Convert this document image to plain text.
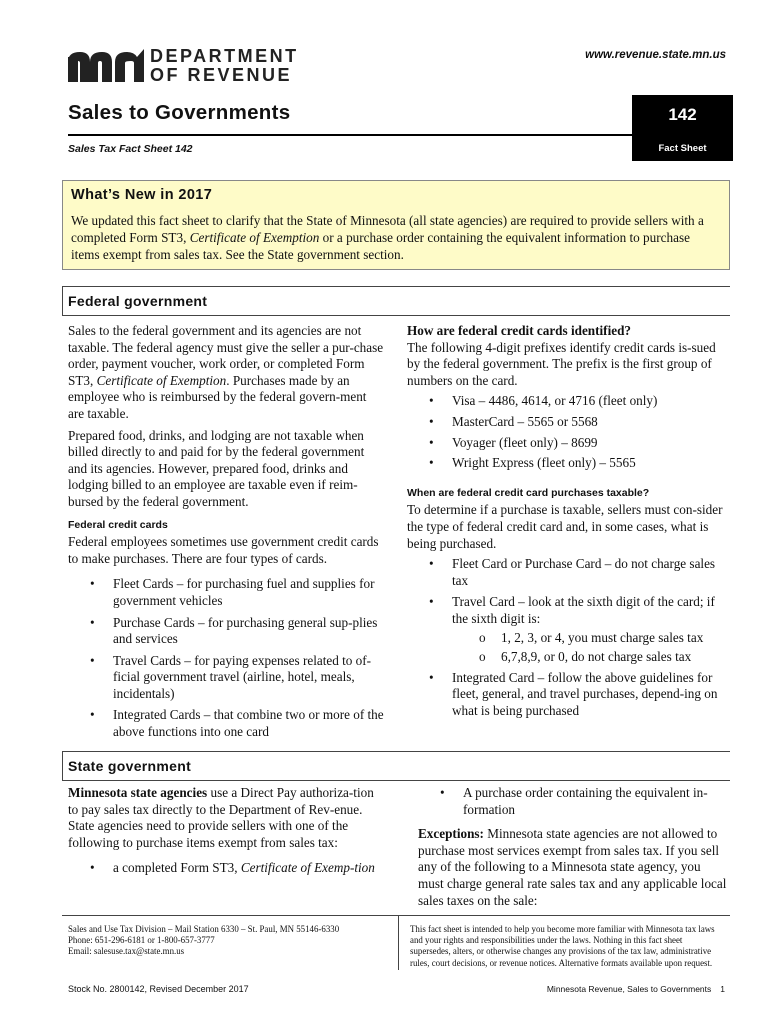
DEPARTMENT
OF REVENUE
www.revenue.state.mn.us
Sales to Governments	142
Sales Tax Fact Sheet 142	Fact Sheet
What’s New in 2017
We updated this fact sheet to clarify that the State of Minnesota (all state agencies) are required to provide sellers with a completed Form ST3, Certificate of Exemption or a purchase order containing the equivalent information to purchase items exempt from sales tax. See the State government section.
Federal government
Sales to the federal government and its agencies are not taxable. The federal agency must give the seller a pur-chase order, payment voucher, work order, or completed Form ST3, Certificate of Exemption. Purchases made by an employee who is reimbursed by the federal govern-ment are taxable.
Prepared food, drinks, and lodging are not taxable when billed directly to and paid for by the federal government and its agencies. However, prepared food, drinks and lodging billed to an employee are taxable even if reim-bursed by the federal government.
Federal credit cards
Federal employees sometimes use government credit cards to make purchases. There are four types of cards.
• Fleet Cards – for purchasing fuel and supplies for government vehicles
• Purchase Cards – for purchasing general sup-plies and services
• Travel Cards – for paying expenses related to of-ficial government travel (airline, hotel, meals, incidentals)
• Integrated Cards – that combine two or more of the above functions into one card
How are federal credit cards identified?
The following 4-digit prefixes identify credit cards is-sued by the federal government. The prefix is the first group of numbers on the card.
• Visa – 4486, 4614, or 4716 (fleet only)
• MasterCard – 5565 or 5568
• Voyager (fleet only) – 8699
• Wright Express (fleet only) – 5565
When are federal credit card purchases taxable?
To determine if a purchase is taxable, sellers must con-sider the type of federal credit card and, in some cases, what is being purchased.
• Fleet Card or Purchase Card – do not charge sales tax
• Travel Card – look at the sixth digit of the card; if the sixth digit is:
o 1, 2, 3, or 4, you must charge sales tax
o 6,7,8,9, or 0, do not charge sales tax
• Integrated Card – follow the above guidelines for fleet, general, and travel purchases, depend-ing on what is being purchased
State government
Minnesota state agencies use a Direct Pay authoriza-tion to pay sales tax directly to the Department of Rev-enue. State agencies need to provide sellers with one of the following to purchase items exempt from sales tax:
• a completed Form ST3, Certificate of Exemp-tion
• A purchase order containing the equivalent in-formation
Exceptions: Minnesota state agencies are not allowed to purchase most services exempt from sales tax. If you sell any of the following to a Minnesota state agency, you must charge general rate sales tax and any applicable local sales taxes on the sale:
Sales and Use Tax Division – Mail Station 6330 – St. Paul, MN 55146-6330
Phone: 651-296-6181 or 1-800-657-3777
Email: salesuse.tax@state.mn.us
This fact sheet is intended to help you become more familiar with Minnesota tax laws and your rights and responsibilities under the laws. Nothing in this fact sheet supersedes, alters, or otherwise changes any provisions of the tax law, administrative rules, court decisions, or revenue notices. Alternative formats available upon request.
Stock No. 2800142, Revised December 2017	Minnesota Revenue, Sales to Governments 1
